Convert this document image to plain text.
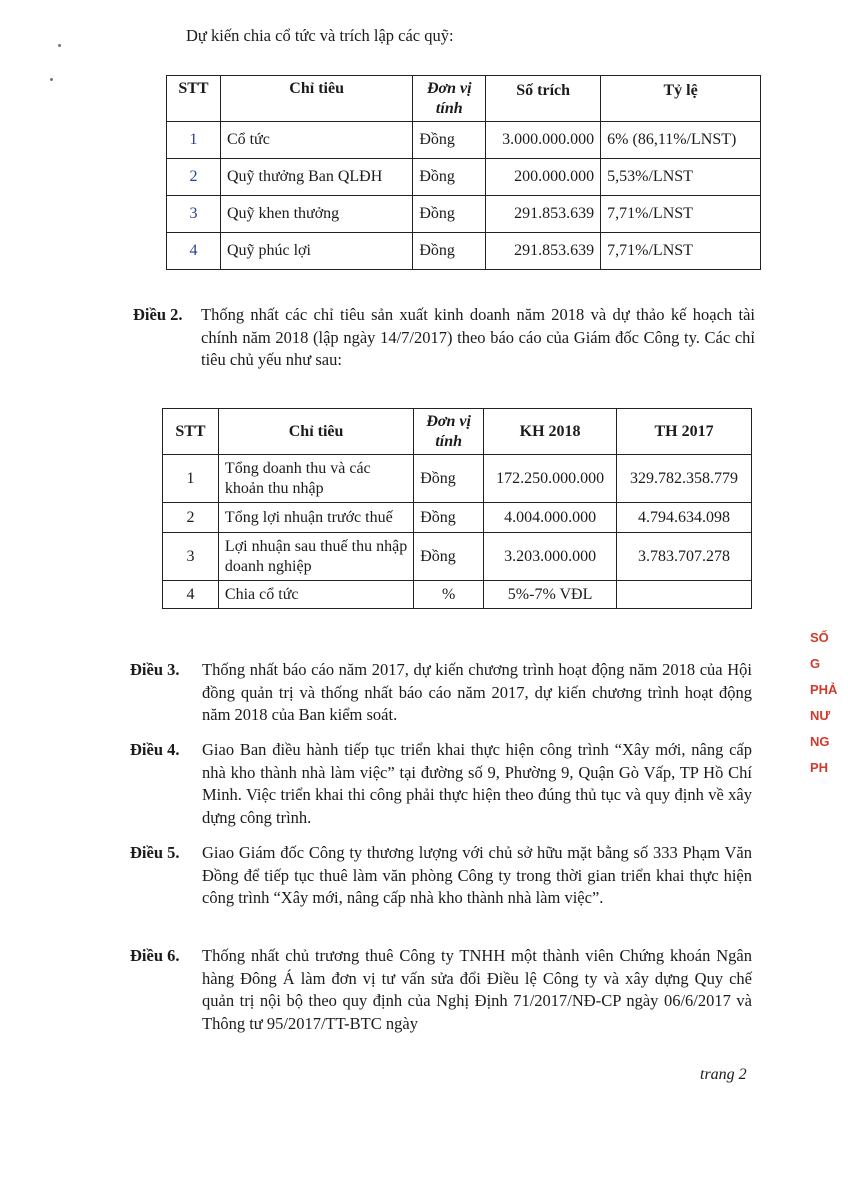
Dự kiến chia cổ tức và trích lập các quỹ:
STT	Chỉ tiêu	Đơn vị tính	Số trích	Tỷ lệ
1	Cổ tức	Đồng	3.000.000.000	6% (86,11%/LNST)
2	Quỹ thưởng Ban QLĐH	Đồng	200.000.000	5,53%/LNST
3	Quỹ khen thưởng	Đồng	291.853.639	7,71%/LNST
4	Quỹ phúc lợi	Đồng	291.853.639	7,71%/LNST
Điều 2.	Thống nhất các chỉ tiêu sản xuất kinh doanh năm 2018 và dự thảo kế hoạch tài chính năm 2018 (lập ngày 14/7/2017) theo báo cáo của Giám đốc Công ty. Các chỉ tiêu chủ yếu như sau:
STT	Chỉ tiêu	Đơn vị tính	KH 2018	TH 2017
1	Tổng doanh thu và các khoản thu nhập	Đồng	172.250.000.000	329.782.358.779
2	Tổng lợi nhuận trước thuế	Đồng	4.004.000.000	4.794.634.098
3	Lợi nhuận sau thuế thu nhập doanh nghiệp	Đồng	3.203.000.000	3.783.707.278
4	Chia cổ tức	%	5%-7% VĐL	
Điều 3.	Thống nhất báo cáo năm 2017, dự kiến chương trình hoạt động năm 2018 của Hội đồng quản trị và thống nhất báo cáo năm 2017, dự kiến chương trình hoạt động năm 2018 của Ban kiểm soát.
Điều 4.	Giao Ban điều hành tiếp tục triển khai thực hiện công trình “Xây mới, nâng cấp nhà kho thành nhà làm việc” tại đường số 9, Phường 9, Quận Gò Vấp, TP Hồ Chí Minh. Việc triển khai thi công phải thực hiện theo đúng thủ tục và quy định về xây dựng công trình.
Điều 5.	Giao Giám đốc Công ty thương lượng với chủ sở hữu mặt bằng số 333 Phạm Văn Đồng để tiếp tục thuê làm văn phòng Công ty trong thời gian triển khai thực hiện công trình “Xây mới, nâng cấp nhà kho thành nhà làm việc”.
Điều 6.	Thống nhất chủ trương thuê Công ty TNHH một thành viên Chứng khoán Ngân hàng Đông Á làm đơn vị tư vấn sửa đổi Điều lệ Công ty và xây dựng Quy chế quản trị nội bộ theo quy định của Nghị Định 71/2017/NĐ-CP ngày 06/6/2017 và Thông tư 95/2017/TT-BTC ngày
trang 2
SỐ
G
PHẢ
NƯ
NG
PH
